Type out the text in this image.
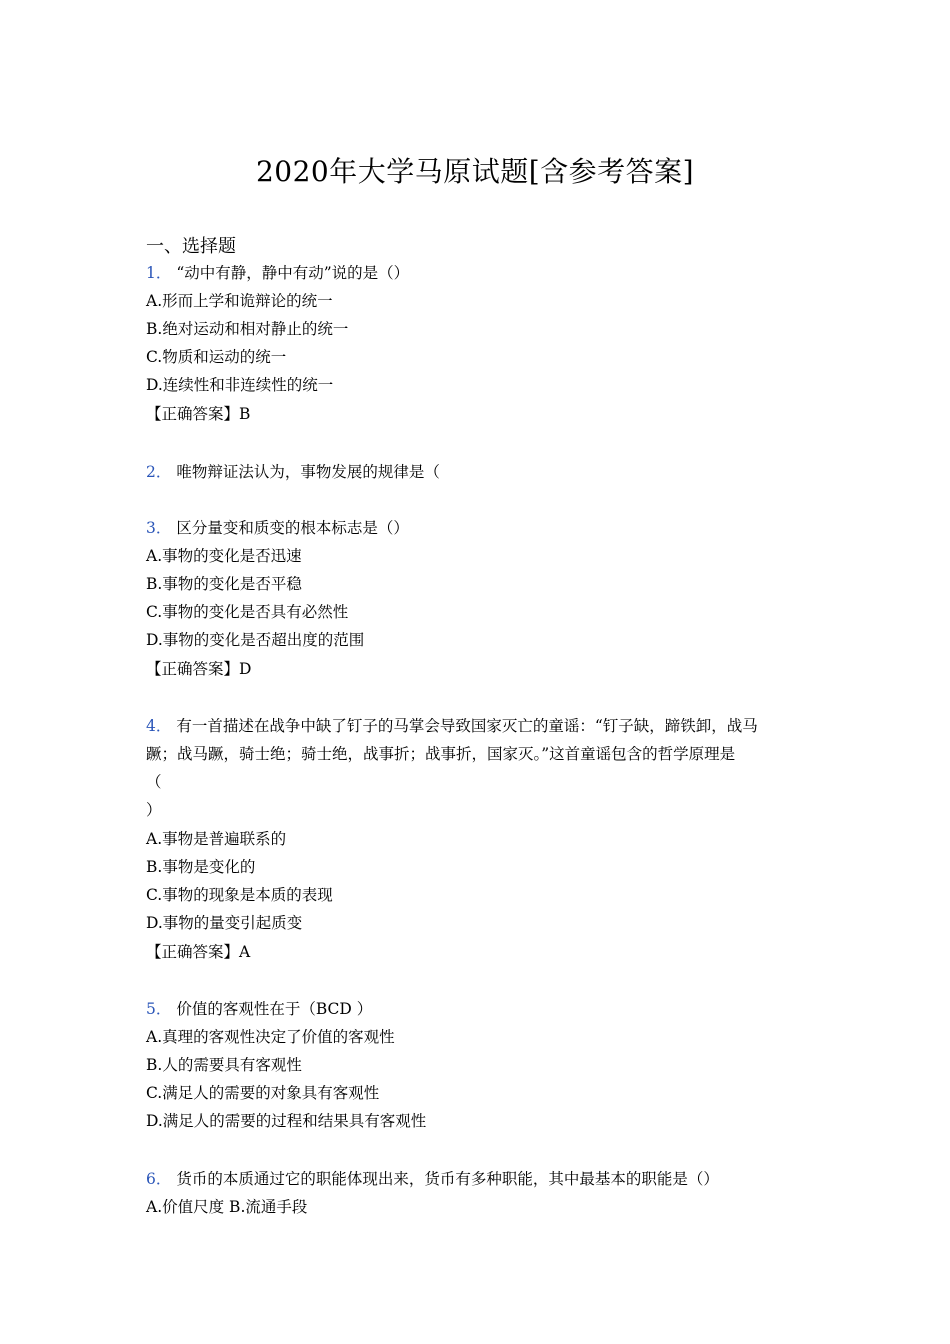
2020年大学马原试题[含参考答案]
一、选择题
1． “动中有静，静中有动”说的是（）
A.形而上学和诡辩论的统一
B.绝对运动和相对静止的统一
C.物质和运动的统一
D.连续性和非连续性的统一
【正确答案】B
2． 唯物辩证法认为，事物发展的规律是（
3． 区分量变和质变的根本标志是（）
A.事物的变化是否迅速
B.事物的变化是否平稳
C.事物的变化是否具有必然性
D.事物的变化是否超出度的范围
【正确答案】D
4． 有一首描述在战争中缺了钉子的马掌会导致国家灭亡的童谣：“钉子缺，蹄铁卸，战马
蹶；战马蹶，骑士绝；骑士绝，战事折；战事折，国家灭。”这首童谣包含的哲学原理是
（
）
A.事物是普遍联系的
B.事物是变化的
C.事物的现象是本质的表现
D.事物的量变引起质变
【正确答案】A
5． 价值的客观性在于（BCD ）
A.真理的客观性决定了价值的客观性
B.人的需要具有客观性
C.满足人的需要的对象具有客观性
D.满足人的需要的过程和结果具有客观性
6． 货币的本质通过它的职能体现出来，货币有多种职能，其中最基本的职能是（）
A.价值尺度 B.流通手段
